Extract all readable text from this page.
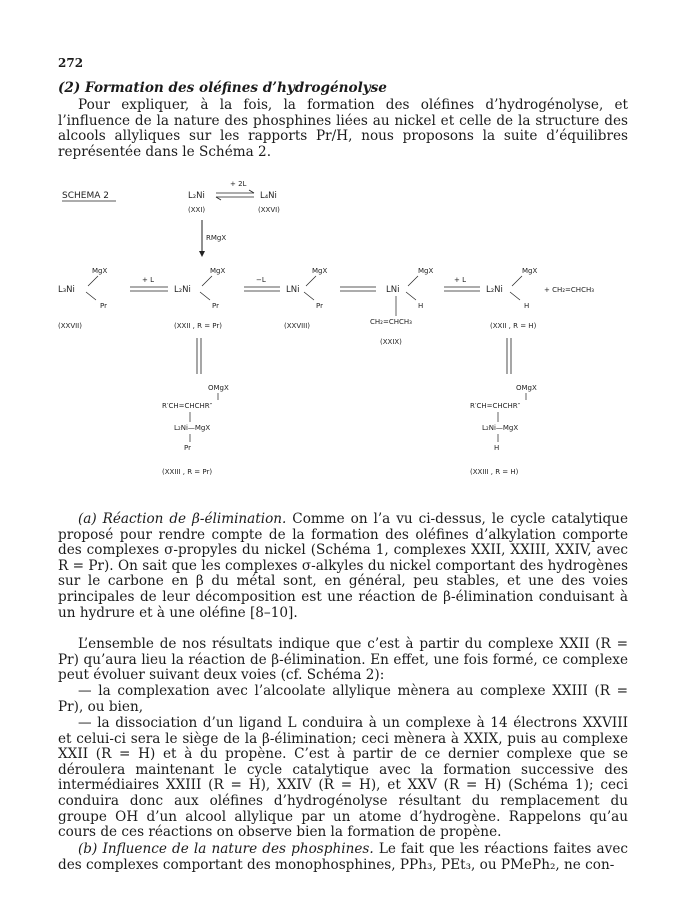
272
(2) Formation des oléfines d’hydrogénolyse

Pour expliquer, à la fois, la formation des oléfines d’hydrogénolyse, et l’influence de la nature des phosphines liées au nickel et celle de la structure des alcools allyliques sur les rapports Pr/H, nous proposons la suite d’équilibres représentée dans le Schéma 2.

SCHEMA 2	L₂Ni
+ 2L
L₄Ni
(XXI)	(XXVI)
RMgX
MgX
L₃Ni
Pr
(XXVII)
+ L
MgX
L₂Ni
Pr
(XXII , R = Pr)
−L
MgX
LNi
Pr
(XXVIII)
MgX
LNi
H
CH₂=CHCH₃
(XXIX)
+ L
MgX
L₂Ni
H
(XXII , R = H)
+ CH₂=CHCH₃
OMgX
R′CH=CHCHR″
L₂Ni—MgX
Pr
(XXIII , R = Pr)
OMgX
R′CH=CHCHR″
L₂Ni—MgX
H
(XXIII , R = H)

(a) Réaction de β-élimination. Comme on l’a vu ci-dessus, le cycle catalytique proposé pour rendre compte de la formation des oléfines d’alkylation comporte des complexes σ-propyles du nickel (Schéma 1, complexes XXII, XXIII, XXIV, avec R = Pr). On sait que les complexes σ-alkyles du nickel comportant des hydrogènes sur le carbone en β du métal sont, en général, peu stables, et une des voies principales de leur décomposition est une réaction de β-élimination conduisant à un hydrure et à une oléfine [8–10].

L’ensemble de nos résultats indique que c’est à partir du complexe XXII (R = Pr) qu’aura lieu la réaction de β-élimination. En effet, une fois formé, ce complexe peut évoluer suivant deux voies (cf. Schéma 2):

— la complexation avec l’alcoolate allylique mènera au complexe XXIII (R = Pr), ou bien,

— la dissociation d’un ligand L conduira à un complexe à 14 électrons XXVIII et celui-ci sera le siège de la β-élimination; ceci mènera à XXIX, puis au complexe XXII (R = H) et à du propène. C’est à partir de ce dernier complexe que se déroulera maintenant le cycle catalytique avec la formation successive des intermédiaires XXIII (R = H), XXIV (R = H), et XXV (R = H) (Schéma 1); ceci conduira donc aux oléfines d’hydrogénolyse résultant du remplacement du groupe OH d’un alcool allylique par un atome d’hydrogène. Rappelons qu’au cours de ces réactions on observe bien la formation de propène.

(b) Influence de la nature des phosphines. Le fait que les réactions faites avec des complexes comportant des monophosphines, PPh₃, PEt₃, ou PMePh₂, ne con-
